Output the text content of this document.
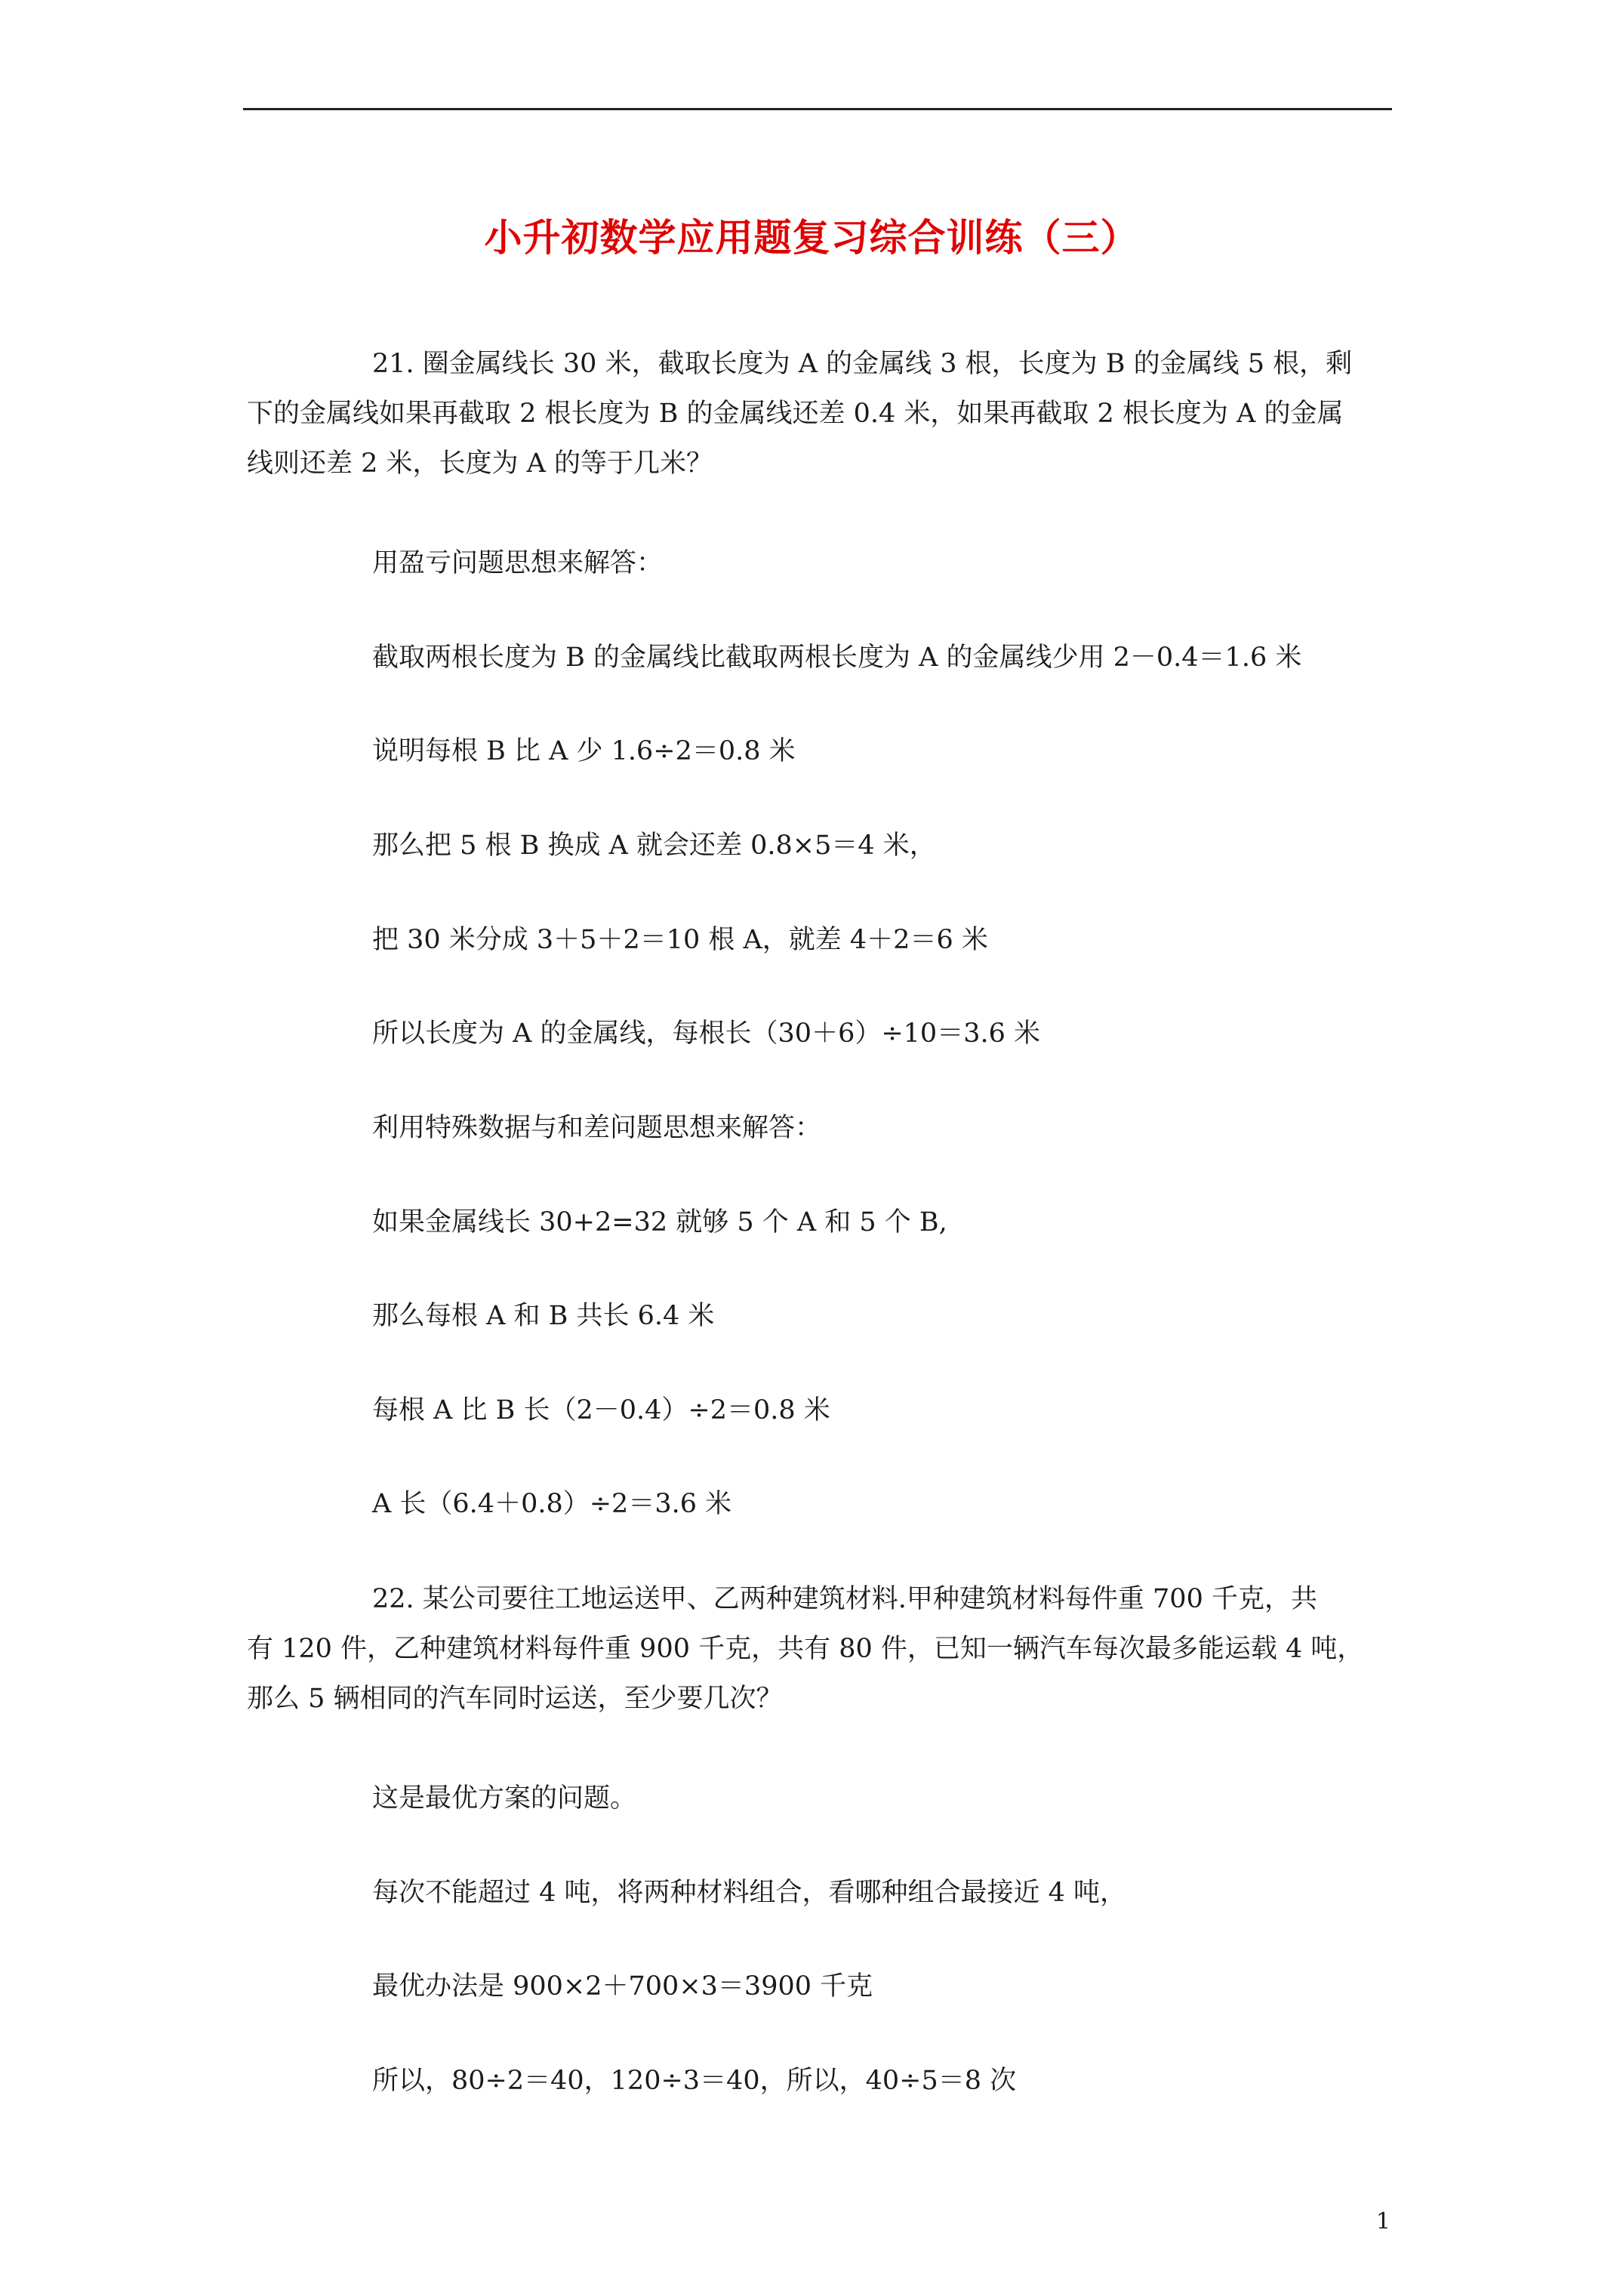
小升初数学应用题复习综合训练（三）
21. 圈金属线长 30 米，截取长度为 A 的金属线 3 根，长度为 B 的金属线 5 根，剩
下的金属线如果再截取 2 根长度为 B 的金属线还差 0.4 米，如果再截取 2 根长度为 A 的金属
线则还差 2 米，长度为 A 的等于几米？
用盈亏问题思想来解答：
截取两根长度为 B 的金属线比截取两根长度为 A 的金属线少用 2－0.4＝1.6 米
说明每根 B 比 A 少 1.6÷2＝0.8 米
那么把 5 根 B 换成 A 就会还差 0.8×5＝4 米，
把 30 米分成 3＋5＋2＝10 根 A，就差 4＋2＝6 米
所以长度为 A 的金属线，每根长（30＋6）÷10＝3.6 米
利用特殊数据与和差问题思想来解答：
如果金属线长 30+2=32 就够 5 个 A 和 5 个 B,
那么每根 A 和 B 共长 6.4 米
每根 A 比 B 长（2－0.4）÷2＝0.8 米
A 长（6.4＋0.8）÷2＝3.6 米
22. 某公司要往工地运送甲、乙两种建筑材料.甲种建筑材料每件重 700 千克，共
有 120 件，乙种建筑材料每件重 900 千克，共有 80 件，已知一辆汽车每次最多能运载 4 吨，
那么 5 辆相同的汽车同时运送，至少要几次？
这是最优方案的问题。
每次不能超过 4 吨，将两种材料组合，看哪种组合最接近 4 吨，
最优办法是 900×2＋700×3＝3900 千克
所以，80÷2＝40，120÷3＝40，所以，40÷5＝8 次
1
